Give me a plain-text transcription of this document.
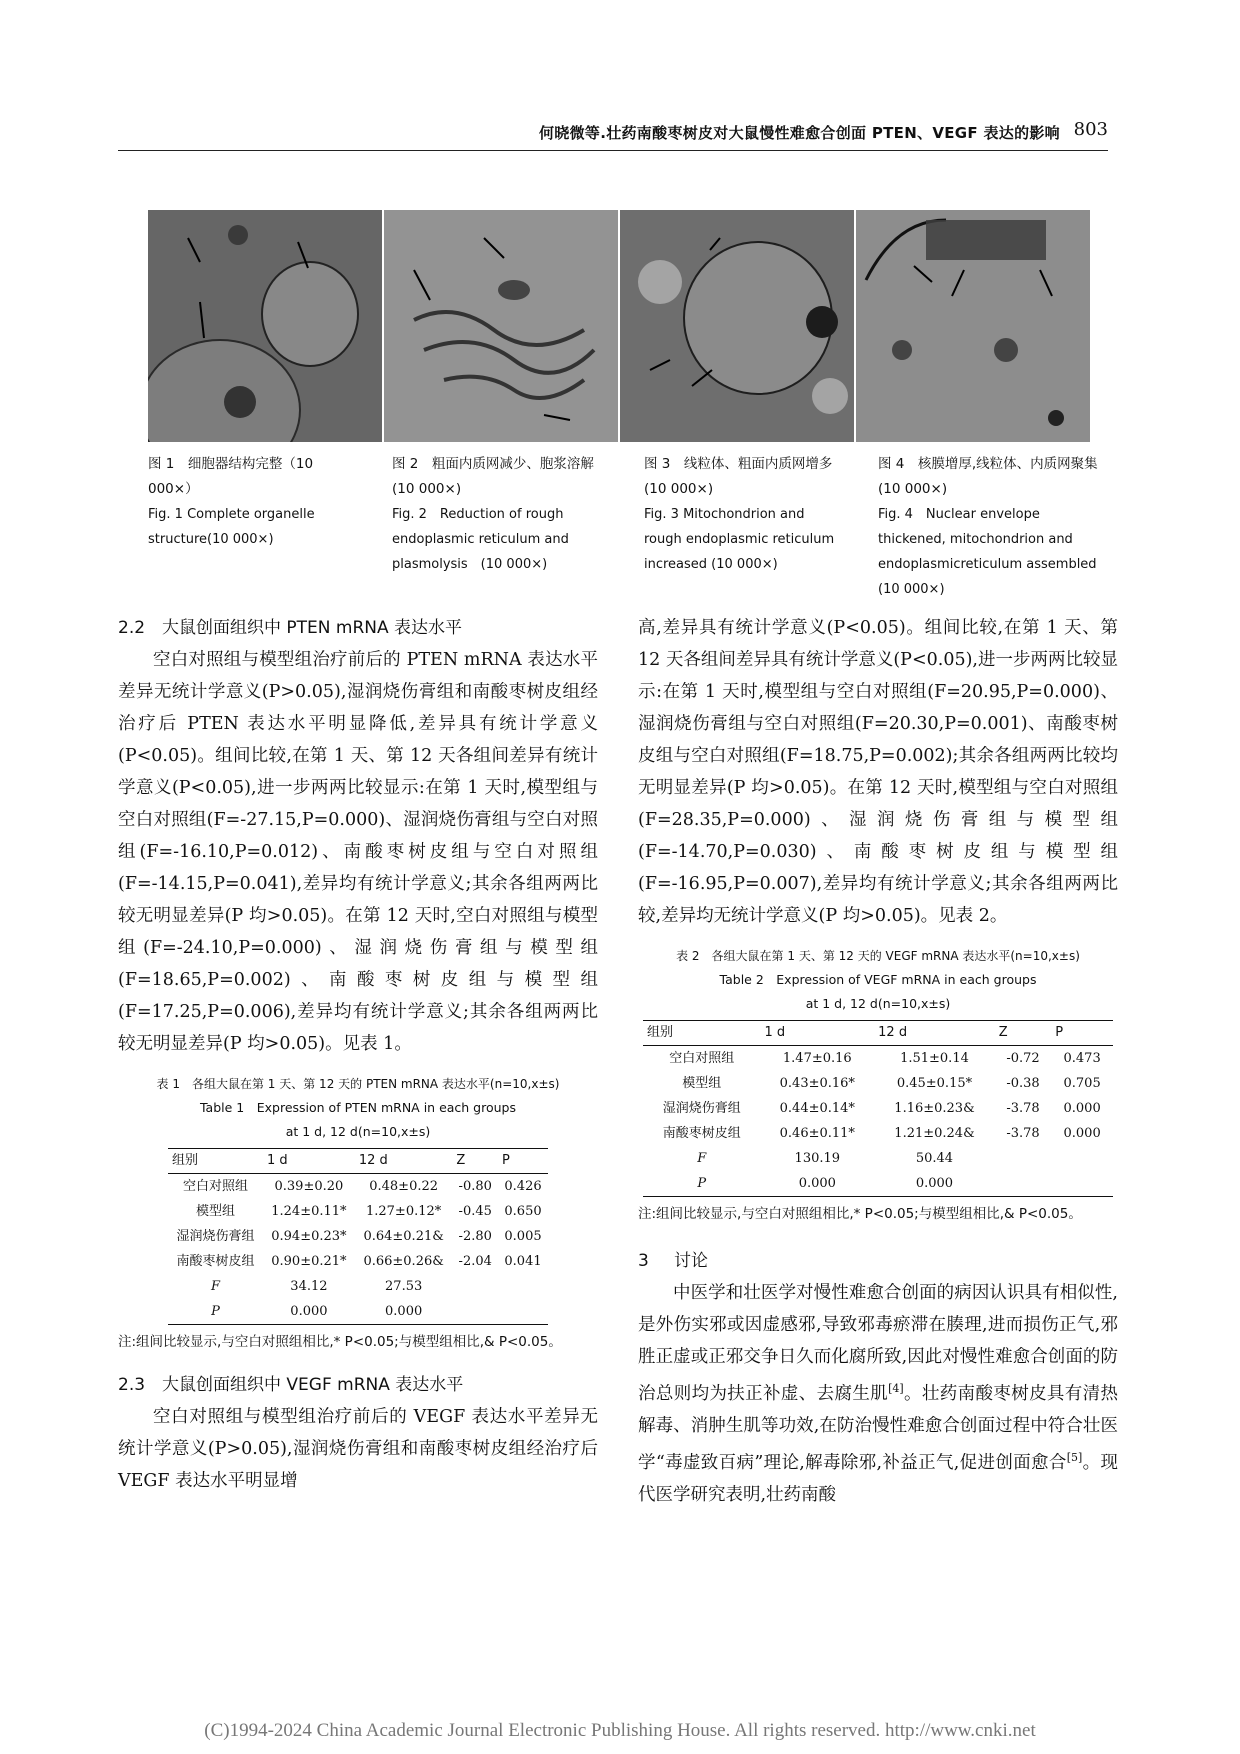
何晓微等.壮药南酸枣树皮对大鼠慢性难愈合创面 PTEN、VEGF 表达的影响 803
图 1　细胞器结构完整（10 000×）
Fig. 1 Complete organelle structure(10 000×)
图 2　粗面内质网减少、胞浆溶解(10 000×)
Fig. 2　Reduction of rough endoplasmic reticulum and plasmolysis　(10 000×)
图 3　线粒体、粗面内质网增多(10 000×)
Fig. 3 Mitochondrion and rough endoplasmic reticulum increased (10 000×)
图 4　核膜增厚,线粒体、内质网聚集(10 000×)
Fig. 4　Nuclear envelope thickened, mitochondrion and endoplasmicreticulum assembled (10 000×)

2.2 大鼠创面组织中 PTEN mRNA 表达水平

空白对照组与模型组治疗前后的 PTEN mRNA 表达水平差异无统计学意义(P>0.05),湿润烧伤膏组和南酸枣树皮组经治疗后 PTEN 表达水平明显降低,差异具有统计学意义(P<0.05)。组间比较,在第 1 天、第 12 天各组间差异有统计学意义(P<0.05),进一步两两比较显示:在第 1 天时,模型组与空白对照组(F=-27.15,P=0.000)、湿润烧伤膏组与空白对照组(F=-16.10,P=0.012)、南酸枣树皮组与空白对照组(F=-14.15,P=0.041),差异均有统计学意义;其余各组两两比较无明显差异(P 均>0.05)。在第 12 天时,空白对照组与模型组(F=-24.10,P=0.000)、湿润烧伤膏组与模型组(F=18.65,P=0.002)、南酸枣树皮组与模型组(F=17.25,P=0.006),差异均有统计学意义;其余各组两两比较无明显差异(P 均>0.05)。见表 1。

表 1　各组大鼠在第 1 天、第 12 天的 PTEN mRNA 表达水平(n=10,x±s)
Table 1　Expression of PTEN mRNA in each groups
at 1 d, 12 d(n=10,x±s)
组别	1 d	12 d	Z	P
空白对照组	0.39±0.20	0.48±0.22	-0.80	0.426
模型组	1.24±0.11*	1.27±0.12*	-0.45	0.650
湿润烧伤膏组	0.94±0.23*	0.64±0.21&	-2.80	0.005
南酸枣树皮组	0.90±0.21*	0.66±0.26&	-2.04	0.041
F	34.12	27.53		
P	0.000	0.000		

注:组间比较显示,与空白对照组相比,* P<0.05;与模型组相比,& P<0.05。

2.3 大鼠创面组织中 VEGF mRNA 表达水平

空白对照组与模型组治疗前后的 VEGF 表达水平差异无统计学意义(P>0.05),湿润烧伤膏组和南酸枣树皮组经治疗后 VEGF 表达水平明显增

高,差异具有统计学意义(P<0.05)。组间比较,在第 1 天、第 12 天各组间差异具有统计学意义(P<0.05),进一步两两比较显示:在第 1 天时,模型组与空白对照组(F=20.95,P=0.000)、湿润烧伤膏组与空白对照组(F=20.30,P=0.001)、南酸枣树皮组与空白对照组(F=18.75,P=0.002);其余各组两两比较均无明显差异(P 均>0.05)。在第 12 天时,模型组与空白对照组(F=28.35,P=0.000)、湿润烧伤膏组与模型组(F=-14.70,P=0.030)、南酸枣树皮组与模型组(F=-16.95,P=0.007),差异均有统计学意义;其余各组两两比较,差异均无统计学意义(P 均>0.05)。见表 2。

表 2　各组大鼠在第 1 天、第 12 天的 VEGF mRNA 表达水平(n=10,x±s)
Table 2　Expression of VEGF mRNA in each groups
at 1 d, 12 d(n=10,x±s)
组别	1 d	12 d	Z	P
空白对照组	1.47±0.16	1.51±0.14	-0.72	0.473
模型组	0.43±0.16*	0.45±0.15*	-0.38	0.705
湿润烧伤膏组	0.44±0.14*	1.16±0.23&	-3.78	0.000
南酸枣树皮组	0.46±0.11*	1.21±0.24&	-3.78	0.000
F	130.19	50.44		
P	0.000	0.000		

注:组间比较显示,与空白对照组相比,* P<0.05;与模型组相比,& P<0.05。

3 讨论

中医学和壮医学对慢性难愈合创面的病因认识具有相似性,是外伤实邪或因虚感邪,导致邪毒瘀滞在腠理,进而损伤正气,邪胜正虚或正邪交争日久而化腐所致,因此对慢性难愈合创面的防治总则均为扶正补虚、去腐生肌[4]。壮药南酸枣树皮具有清热解毒、消肿生肌等功效,在防治慢性难愈合创面过程中符合壮医学“毒虚致百病”理论,解毒除邪,补益正气,促进创面愈合[5]。现代医学研究表明,壮药南酸

(C)1994-2024 China Academic Journal Electronic Publishing House. All rights reserved. http://www.cnki.net
